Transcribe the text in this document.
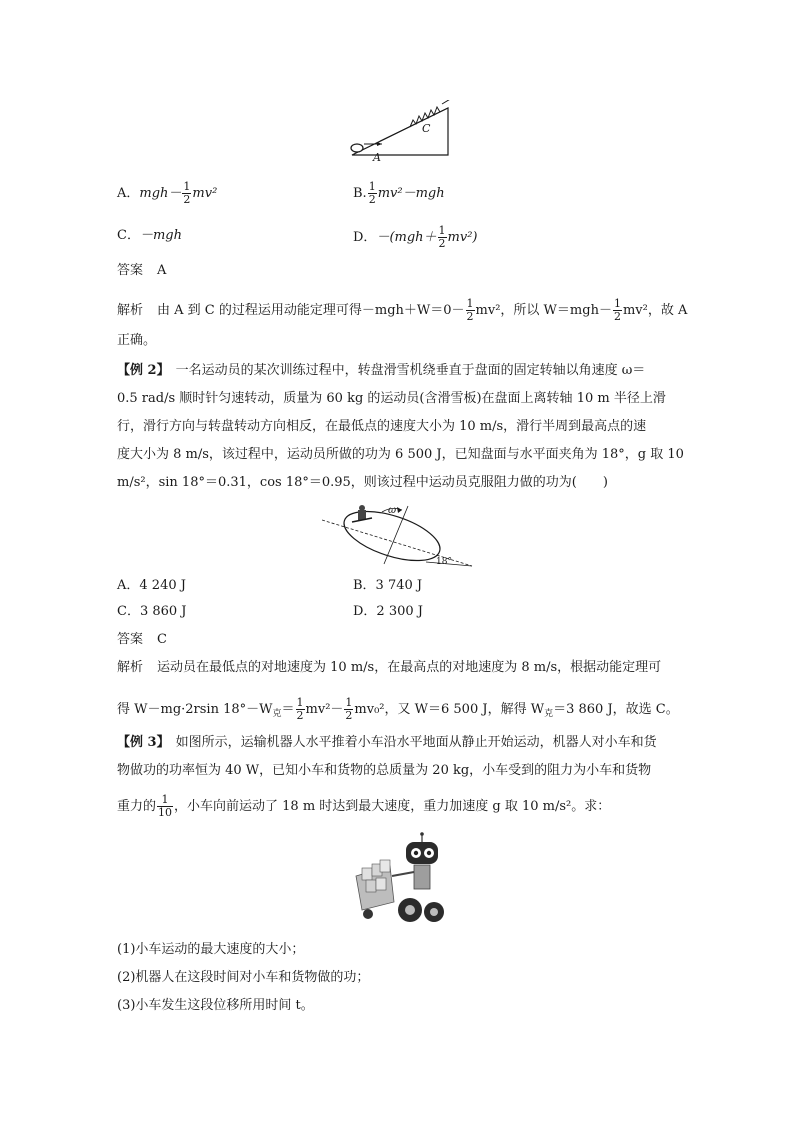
C
A
A．$mgh- \frac{1}{2} mv^2$	B. $\frac{1}{2} mv^2-mgh$
C．－mgh	D．$-(mgh+ \frac{1}{2} mv^2)$
答案 A
解析 由 A 到 C 的过程运用动能定理可得$-mgh+W=0- \frac{1}{2} mv^2$，所以 $W=mgh- \frac{1}{2} mv^2$，故 A
正确。
【例 2】 一名运动员的某次训练过程中，转盘滑雪机绕垂直于盘面的固定转轴以角速度 ω＝
0.5 rad/s 顺时针匀速转动，质量为 60 kg 的运动员(含滑雪板)在盘面上离转轴 10 m 半径上滑
行，滑行方向与转盘转动方向相反，在最低点的速度大小为 10 m/s，滑行半周到最高点的速
度大小为 8 m/s，该过程中，运动员所做的功为 6 500 J，已知盘面与水平面夹角为 18°，g 取 10
m/s²，sin 18°＝0.31，cos 18°＝0.95，则该过程中运动员克服阻力做的功为(　　)
ω
18°
A．4 240 J	B．3 740 J
C．3 860 J	D．2 300 J
答案 C
解析 运动员在最低点的对地速度为 10 m/s，在最高点的对地速度为 8 m/s，根据动能定理可
得 W－mg·2rsin $18^\circ-W_克= \frac{1}{2} mv^2- \frac{1}{2} mv_0^2$，又 W＝6 500 J，解得 $W_克=3$ 860 J，故选 C。
【例 3】 如图所示，运输机器人水平推着小车沿水平地面从静止开始运动，机器人对小车和货
物做功的功率恒为 40 W，已知小车和货物的总质量为 20 kg，小车受到的阻力为小车和货物
重力的 $\frac{1}{10}$ ，小车向前运动了 18 m 时达到最大速度，重力加速度 g 取 10 m/s²。求：
(1)小车运动的最大速度的大小；
(2)机器人在这段时间对小车和货物做的功；
(3)小车发生这段位移所用时间 t。
